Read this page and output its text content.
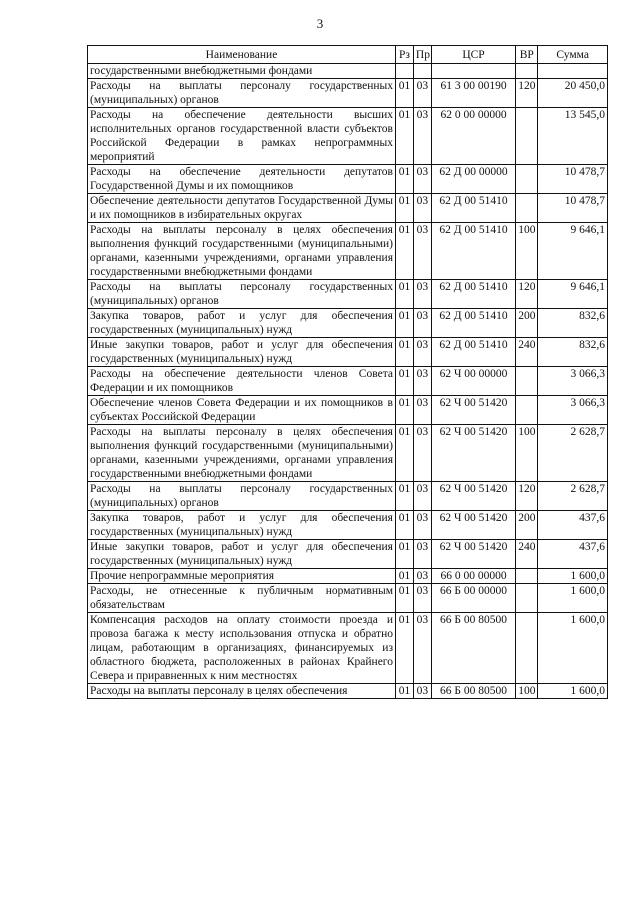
3
Наименование	Рз	Пр	ЦСР	ВР	Сумма
государственными внебюджетными фондами					
Расходы на выплаты персоналу государственных (муниципальных) органов	01	03	61 3 00 00190	120	20 450,0
Расходы на обеспечение деятельности высших исполнительных органов государственной власти субъектов Российской Федерации в рамках непрограммных мероприятий	01	03	62 0 00 00000		13 545,0
Расходы на обеспечение деятельности депутатов Государственной Думы и их помощников	01	03	62 Д 00 00000		10 478,7
Обеспечение деятельности депутатов Государственной Думы и их помощников в избирательных округах	01	03	62 Д 00 51410		10 478,7
Расходы на выплаты персоналу в целях обеспечения выполнения функций государственными (муниципальными) органами, казенными учреждениями, органами управления государственными внебюджетными фондами	01	03	62 Д 00 51410	100	9 646,1
Расходы на выплаты персоналу государственных (муниципальных) органов	01	03	62 Д 00 51410	120	9 646,1
Закупка товаров, работ и услуг для обеспечения государственных (муниципальных) нужд	01	03	62 Д 00 51410	200	832,6
Иные закупки товаров, работ и услуг для обеспечения государственных (муниципальных) нужд	01	03	62 Д 00 51410	240	832,6
Расходы на обеспечение деятельности членов Совета Федерации и их помощников	01	03	62 Ч 00 00000		3 066,3
Обеспечение членов Совета Федерации и их помощников в субъектах Российской Федерации	01	03	62 Ч 00 51420		3 066,3
Расходы на выплаты персоналу в целях обеспечения выполнения функций государственными (муниципальными) органами, казенными учреждениями, органами управления государственными внебюджетными фондами	01	03	62 Ч 00 51420	100	2 628,7
Расходы на выплаты персоналу государственных (муниципальных) органов	01	03	62 Ч 00 51420	120	2 628,7
Закупка товаров, работ и услуг для обеспечения государственных (муниципальных) нужд	01	03	62 Ч 00 51420	200	437,6
Иные закупки товаров, работ и услуг для обеспечения государственных (муниципальных) нужд	01	03	62 Ч 00 51420	240	437,6
Прочие непрограммные мероприятия	01	03	66 0 00 00000		1 600,0
Расходы, не отнесенные к публичным нормативным обязательствам	01	03	66 Б 00 00000		1 600,0
Компенсация расходов на оплату стоимости проезда и провоза багажа к месту использования отпуска и обратно лицам, работающим в организациях, финансируемых из областного бюджета, расположенных в районах Крайнего Севера и приравненных к ним местностях	01	03	66 Б 00 80500		1 600,0
Расходы на выплаты персоналу в целях обеспечения	01	03	66 Б 00 80500	100	1 600,0
